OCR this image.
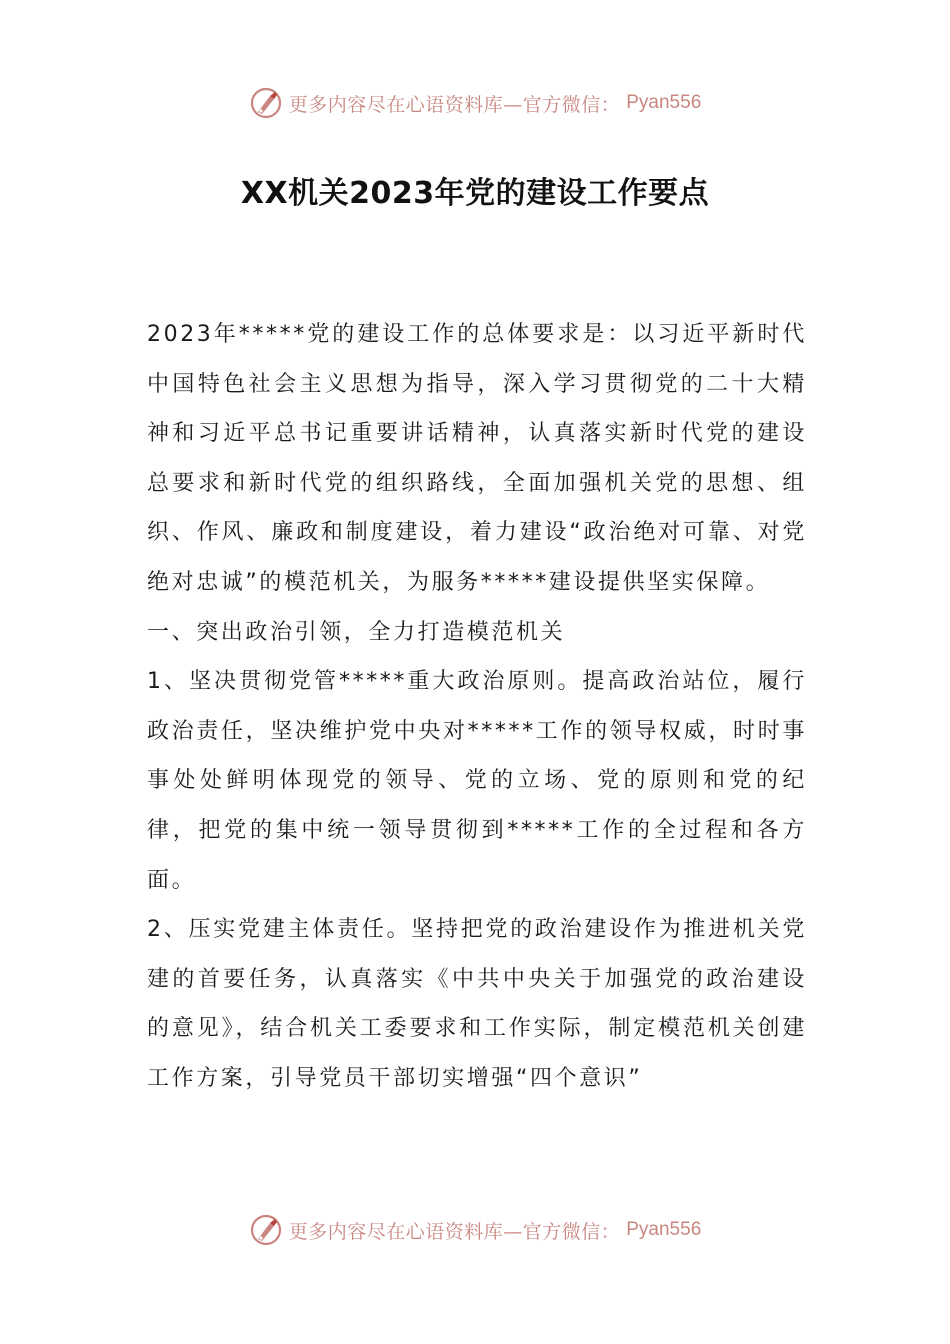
更多内容尽在心语资料库—官方微信： Pyan556
XX机关2023年党的建设工作要点

2023年*****党的建设工作的总体要求是：以习近平新时代中国特色社会主义思想为指导，深入学习贯彻党的二十大精神和习近平总书记重要讲话精神，认真落实新时代党的建设总要求和新时代党的组织路线，全面加强机关党的思想、组织、作风、廉政和制度建设，着力建设“政治绝对可靠、对党绝对忠诚”的模范机关，为服务*****建设提供坚实保障。

一、突出政治引领，全力打造模范机关

1、坚决贯彻党管*****重大政治原则。提高政治站位，履行政治责任，坚决维护党中央对*****工作的领导权威，时时事事处处鲜明体现党的领导、党的立场、党的原则和党的纪律，把党的集中统一领导贯彻到*****工作的全过程和各方面。

2、压实党建主体责任。坚持把党的政治建设作为推进机关党建的首要任务，认真落实《中共中央关于加强党的政治建设的意见》，结合机关工委要求和工作实际，制定模范机关创建工作方案，引导党员干部切实增强“四个意识”

更多内容尽在心语资料库—官方微信： Pyan556
